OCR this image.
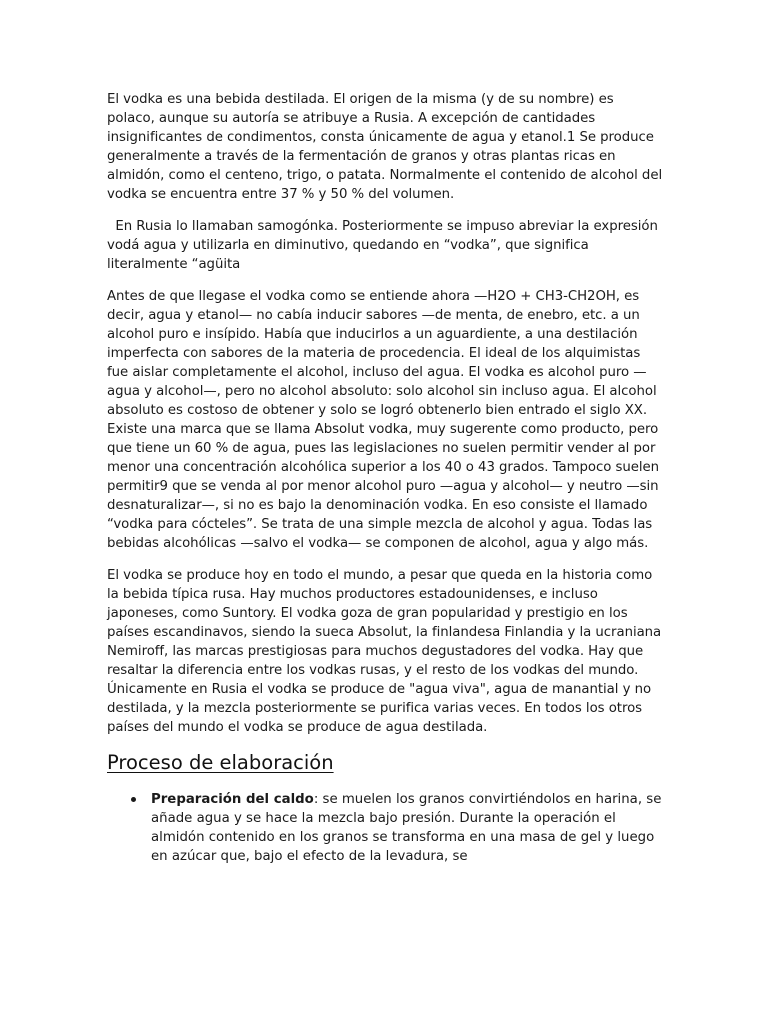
El vodka es una bebida destilada. El origen de la misma (y de su nombre) es polaco, aunque su autoría se atribuye a Rusia. A excepción de cantidades insignificantes de condimentos, consta únicamente de agua y etanol.1 Se produce generalmente a través de la fermentación de granos y otras plantas ricas en almidón, como el centeno, trigo, o patata. Normalmente el contenido de alcohol del vodka se encuentra entre 37 % y 50 % del volumen.

En Rusia lo llamaban samogónka. Posteriormente se impuso abreviar la expresión vodá agua y utilizarla en diminutivo, quedando en “vodka”, que significa literalmente “agüita

Antes de que llegase el vodka como se entiende ahora —H2O + CH3-CH2OH, es decir, agua y etanol— no cabía inducir sabores —de menta, de enebro, etc. a un alcohol puro e insípido. Había que inducirlos a un aguardiente, a una destilación imperfecta con sabores de la materia de procedencia. El ideal de los alquimistas fue aislar completamente el alcohol, incluso del agua. El vodka es alcohol puro —agua y alcohol—, pero no alcohol absoluto: solo alcohol sin incluso agua. El alcohol absoluto es costoso de obtener y solo se logró obtenerlo bien entrado el siglo XX. Existe una marca que se llama Absolut vodka, muy sugerente como producto, pero que tiene un 60 % de agua, pues las legislaciones no suelen permitir vender al por menor una concentración alcohólica superior a los 40 o 43 grados. Tampoco suelen permitir9 que se venda al por menor alcohol puro —agua y alcohol— y neutro —sin desnaturalizar—, si no es bajo la denominación vodka. En eso consiste el llamado “vodka para cócteles”. Se trata de una simple mezcla de alcohol y agua. Todas las bebidas alcohólicas —salvo el vodka— se componen de alcohol, agua y algo más.

El vodka se produce hoy en todo el mundo, a pesar que queda en la historia como la bebida típica rusa. Hay muchos productores estadounidenses, e incluso japoneses, como Suntory. El vodka goza de gran popularidad y prestigio en los países escandinavos, siendo la sueca Absolut, la finlandesa Finlandia y la ucraniana Nemiroff, las marcas prestigiosas para muchos degustadores del vodka. Hay que resaltar la diferencia entre los vodkas rusas, y el resto de los vodkas del mundo. Únicamente en Rusia el vodka se produce de "agua viva", agua de manantial y no destilada, y la mezcla posteriormente se purifica varias veces. En todos los otros países del mundo el vodka se produce de agua destilada.

Proceso de elaboración
Preparación del caldo: se muelen los granos convirtiéndolos en harina, se añade agua y se hace la mezcla bajo presión. Durante la operación el almidón contenido en los granos se transforma en una masa de gel y luego en azúcar que, bajo el efecto de la levadura, se
